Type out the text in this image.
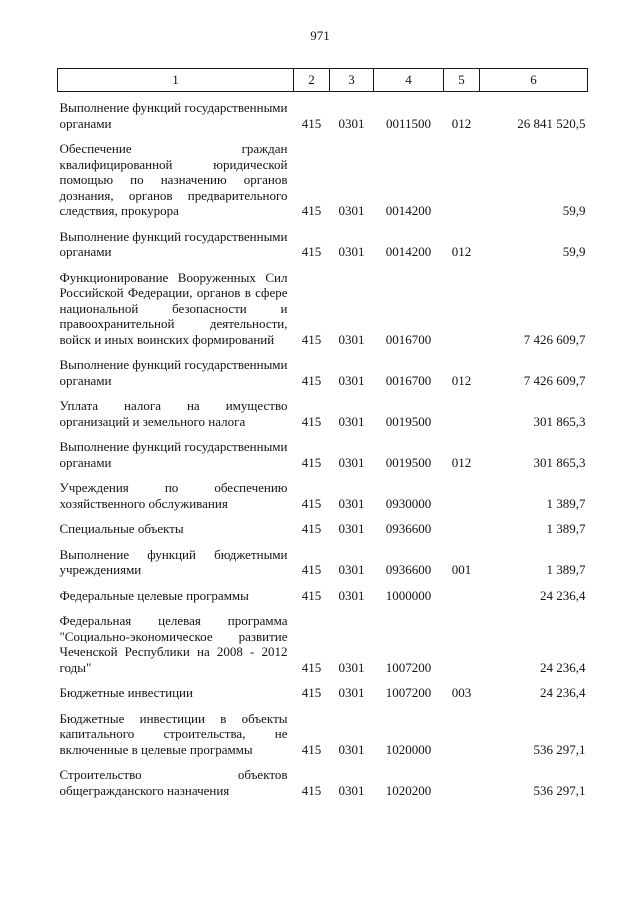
971
1	2	3	4	5	6
Выполнение функций государственными органами	415	0301	0011500	012	26 841 520,5
Обеспечение граждан квалифицированной юридической помощью по назначению органов дознания, органов предварительного следствия, прокурора	415	0301	0014200		59,9
Выполнение функций государственными органами	415	0301	0014200	012	59,9
Функционирование Вооруженных Сил Российской Федерации, органов в сфере национальной безопасности и правоохранительной деятельности, войск и иных воинских формирований	415	0301	0016700		7 426 609,7
Выполнение функций государственными органами	415	0301	0016700	012	7 426 609,7
Уплата налога на имущество организаций и земельного налога	415	0301	0019500		301 865,3
Выполнение функций государственными органами	415	0301	0019500	012	301 865,3
Учреждения по обеспечению хозяйственного обслуживания	415	0301	0930000		1 389,7
Специальные объекты	415	0301	0936600		1 389,7
Выполнение функций бюджетными учреждениями	415	0301	0936600	001	1 389,7
Федеральные целевые программы	415	0301	1000000		24 236,4
Федеральная целевая программа "Социально-экономическое развитие Чеченской Республики на 2008 - 2012 годы"	415	0301	1007200		24 236,4
Бюджетные инвестиции	415	0301	1007200	003	24 236,4
Бюджетные инвестиции в объекты капитального строительства, не включенные в целевые программы	415	0301	1020000		536 297,1
Строительство объектов общегражданского назначения	415	0301	1020200		536 297,1
